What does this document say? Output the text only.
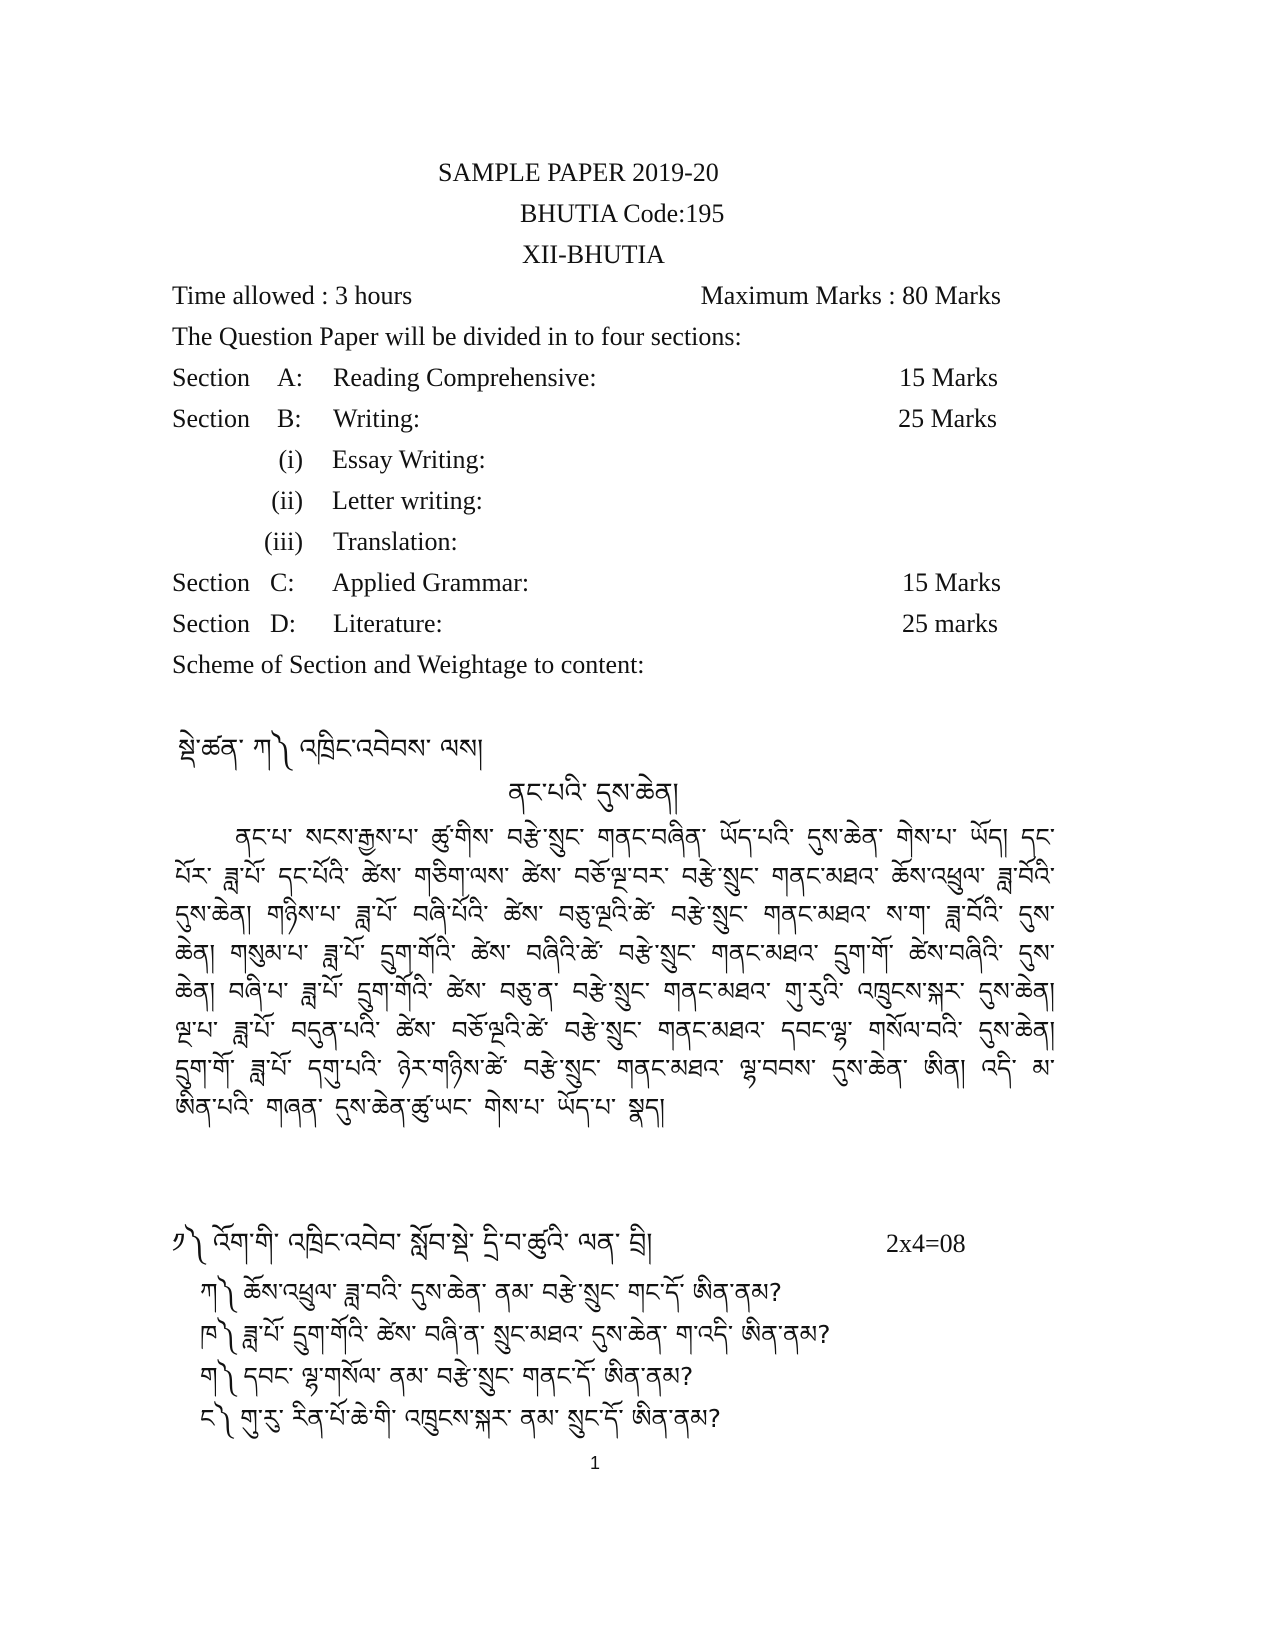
SAMPLE PAPER 2019-20
BHUTIA Code:195
XII-BHUTIA
Time allowed : 3 hours	Maximum Marks : 80 Marks
The Question Paper will be divided in to four sections:
Section A: Reading Comprehensive:	15 Marks
Section B: Writing:	25 Marks
(i) Essay Writing:
(ii) Letter writing:
(iii) Translation:
Section C: Applied Grammar:	15 Marks
Section D: Literature:	25 marks
Scheme of Section and Weightage to content:
སྡེ་ཚན་ ཀ༽ འཁྲིང་འབེབས་ ལས།
ནང་པའི་ དུས་ཆེན།
ནང་པ་ སངས་རྒྱས་པ་ ཚུ་གིས་ བརྩེ་སྲུང་ གནང་བཞིན་ ཡོད་པའི་ དུས་ཆེན་ གེས་པ་ ཡོད། དང་པོར་ ཟླ་པོ་ དང་པོའི་ ཚེས་ གཅིག་ལས་ ཚེས་ བཅོ་ལྔ་བར་ བརྩེ་སྲུང་ གནང་མཐའ་ ཆོས་འཕྲུལ་ ཟླ་བོའི་ དུས་ཆེན། གཉིས་པ་ ཟླ་པོ་ བཞི་པོའི་ ཚེས་ བཅུ་ལྔའི་ཚེ་ བརྩེ་སྲུང་ གནང་མཐའ་ ས་ག་ ཟླ་བོའི་ དུས་ཆེན། གསུམ་པ་ ཟླ་པོ་ དྲུག་གོའི་ ཚེས་ བཞིའི་ཚེ་ བརྩེ་སྲུང་ གནང་མཐའ་ དྲུག་གོ་ ཚེས་བཞིའི་ དུས་ཆེན། བཞི་པ་ ཟླ་པོ་ དྲུག་གོའི་ ཚེས་ བཅུ་ན་ བརྩེ་སྲུང་ གནང་མཐའ་ གུ་རུའི་ འཁྲུངས་སྐར་ དུས་ཆེན། ལྔ་པ་ ཟླ་པོ་ བདུན་པའི་ ཚེས་ བཅོ་ལྔའི་ཚེ་ བརྩེ་སྲུང་ གནང་མཐའ་ དབང་ལྷ་ གསོལ་བའི་ དུས་ཆེན། དྲུག་གོ་ ཟླ་པོ་ དགུ་པའི་ ཉེར་གཉིས་ཚེ་ བརྩེ་སྲུང་ གནང་མཐའ་ ལྷ་བབས་ དུས་ཆེན་ ཨིན། འདི་ མ་ཨིན་པའི་ གཞན་ དུས་ཆེན་ཚུ་ཡང་ གེས་པ་ ཡོད་པ་ སྣད།
༡༽ འོག་གི་ འཁྲིང་འབེབ་ སློབ་སྡེ་ དྲི་བ་ཚུའི་ ལན་ བྲི།	2x4=08
ཀ༽ ཆོས་འཕྲུལ་ ཟླ་བའི་ དུས་ཆེན་ ནམ་ བརྩེ་སྲུང་ གང་དོ་ ཨིན་ནམ?
ཁ༽ ཟླ་པོ་ དྲུག་གོའི་ ཚེས་ བཞི་ན་ སྲུང་མཐའ་ དུས་ཆེན་ ག་འདི་ ཨིན་ནམ?
ག༽ དབང་ ལྷ་གསོལ་ ནམ་ བརྩེ་སྲུང་ གནང་དོ་ ཨིན་ནམ?
ང༽ གུ་རུ་ རིན་པོ་ཆེ་གི་ འཁྲུངས་སྐར་ ནམ་ སྲུང་དོ་ ཨིན་ནམ?
1
